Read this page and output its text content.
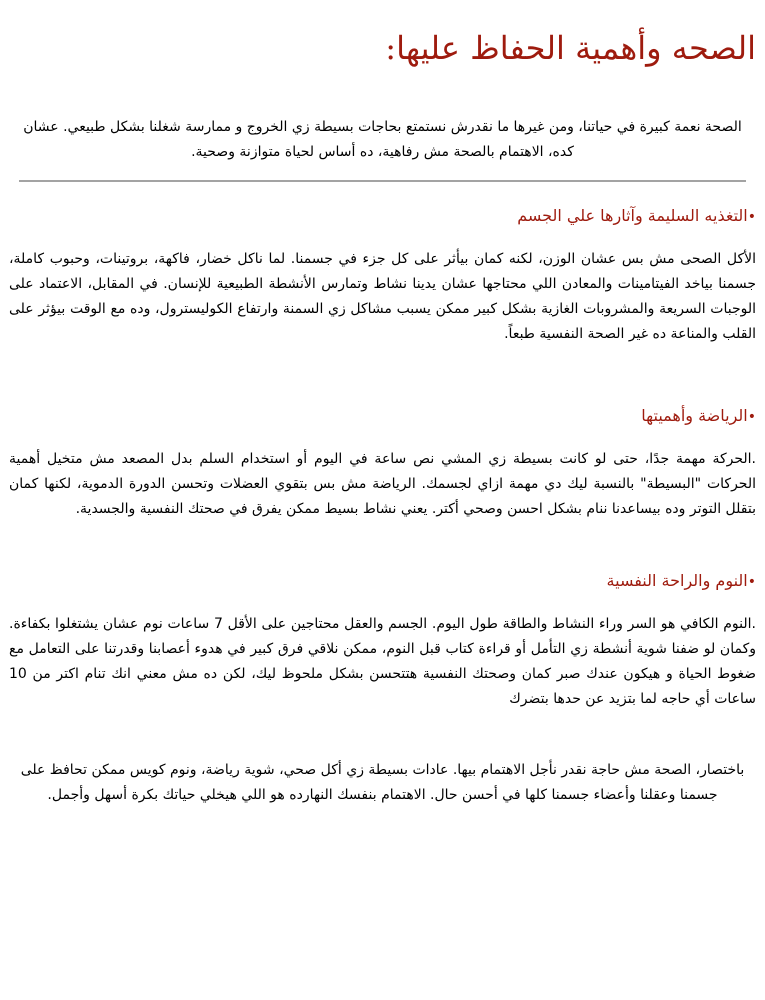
الصحه وأهمية الحفاظ عليها:

الصحة نعمة كبيرة في حياتنا، ومن غيرها ما نقدرش نستمتع بحاجات بسيطة زي الخروج و ممارسة شغلنا بشكل طبيعي. عشان كده، الاهتمام بالصحة مش رفاهية، ده أساس لحياة متوازنة وصحية.

•التغذيه السليمة وآثارها علي الجسم

الأكل الصحى مش بس عشان الوزن، لكنه كمان بيأثر على كل جزء في جسمنا. لما ناكل خضار، فاكهة، بروتينات، وحبوب كاملة، جسمنا بياخد الفيتامينات والمعادن اللي محتاجها عشان يدينا نشاط وتمارس الأنشطة الطبيعية للإنسان. في المقابل، الاعتماد على الوجبات السريعة والمشروبات الغازية بشكل كبير ممكن يسبب مشاكل زي السمنة وارتفاع الكوليسترول، وده مع الوقت بيؤثر على القلب والمناعة ده غير الصحة النفسية طبعاً.

•الرياضة وأهميتها

.الحركة مهمة جدًا، حتى لو كانت بسيطة زي المشي نص ساعة في اليوم أو استخدام السلم بدل المصعد مش متخيل أهمية الحركات "البسيطة" بالنسبة ليك دي مهمة ازاي لجسمك. الرياضة مش بس بتقوي العضلات وتحسن الدورة الدموية، لكنها كمان بتقلل التوتر وده بيساعدنا ننام بشكل احسن وصحي أكتر. يعني نشاط بسيط ممكن يفرق في صحتك النفسية والجسدية.

•النوم والراحة النفسية

.النوم الكافي هو السر وراء النشاط والطاقة طول اليوم. الجسم والعقل محتاجين على الأقل 7 ساعات نوم عشان يشتغلوا بكفاءة. وكمان لو ضفنا شوية أنشطة زي التأمل أو قراءة كتاب قبل النوم، ممكن نلاقي فرق كبير في هدوء أعصابنا وقدرتنا على التعامل مع ضغوط الحياة و هيكون عندك صبر كمان وصحتك النفسية هتتحسن بشكل ملحوظ ليك، لكن ده مش معني انك تنام اكتر من 10 ساعات أي حاجه لما بتزيد عن حدها بتضرك

باختصار، الصحة مش حاجة نقدر نأجل الاهتمام بيها. عادات بسيطة زي أكل صحي، شوية رياضة، ونوم كويس ممكن تحافظ على جسمنا وعقلنا وأعضاء جسمنا كلها في أحسن حال. الاهتمام بنفسك النهارده هو اللي هيخلي حياتك بكرة أسهل وأجمل.
